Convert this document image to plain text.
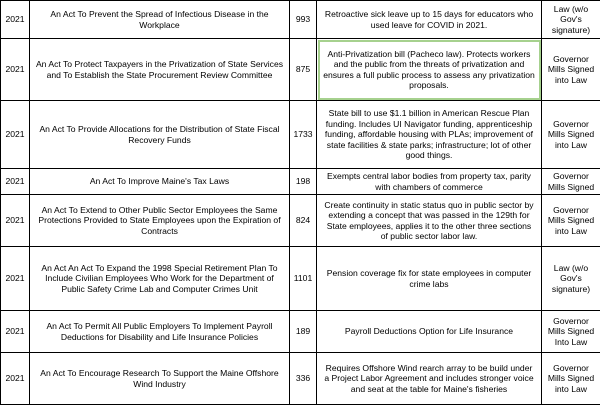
2021	An Act To Prevent the Spread of Infectious Disease in the Workplace	993	Retroactive sick leave up to 15 days for educators who used leave for COVID in 2021.	Law (w/o Gov's signature)
2021	An Act To Protect Taxpayers in the Privatization of State Services and To Establish the State Procurement Review Committee	875	Anti-Privatization bill (Pacheco law). Protects workers and the public from the threats of privatization and ensures a full public process to assess any privatization proposals.	Governor Mills Signed into Law
2021	An Act To Provide Allocations for the Distribution of State Fiscal Recovery Funds	1733	State bill to use $1.1 billion in American Rescue Plan funding. Includes UI Navigator funding, apprenticeship funding, affordable housing with PLAs; improvement of state facilities & state parks; infrastructure; lot of other good things.	Governor Mills Signed into Law
2021	An Act To Improve Maine's Tax Laws	198	Exempts central labor bodies from property tax, parity with chambers of commerce	Governor Mills Signed
2021	An Act To Extend to Other Public Sector Employees the Same Protections Provided to State Employees upon the Expiration of Contracts	824	Create continuity in static status quo in public sector by extending a concept that was passed in the 129th for State employees, applies it to the other three sections of public sector labor law.	Governor Mills Signed into Law
2021	An Act An Act To Expand the 1998 Special Retirement Plan To Include Civilian Employees Who Work for the Department of Public Safety Crime Lab and Computer Crimes Unit	1101	Pension coverage fix for state employees in computer crime labs	Law (w/o Gov's signature)
2021	An Act To Permit All Public Employers To Implement Payroll Deductions for Disability and Life Insurance Policies	189	Payroll Deductions Option for Life Insurance	Governor Mills Signed Into Law
2021	An Act To Encourage Research To Support the Maine Offshore Wind Industry	336	Requires Offshore Wind rearch array to be build under a Project Labor Agreement and includes stronger voice and seat at the table for Maine's fisheries	Governor Mills Signed into Law
